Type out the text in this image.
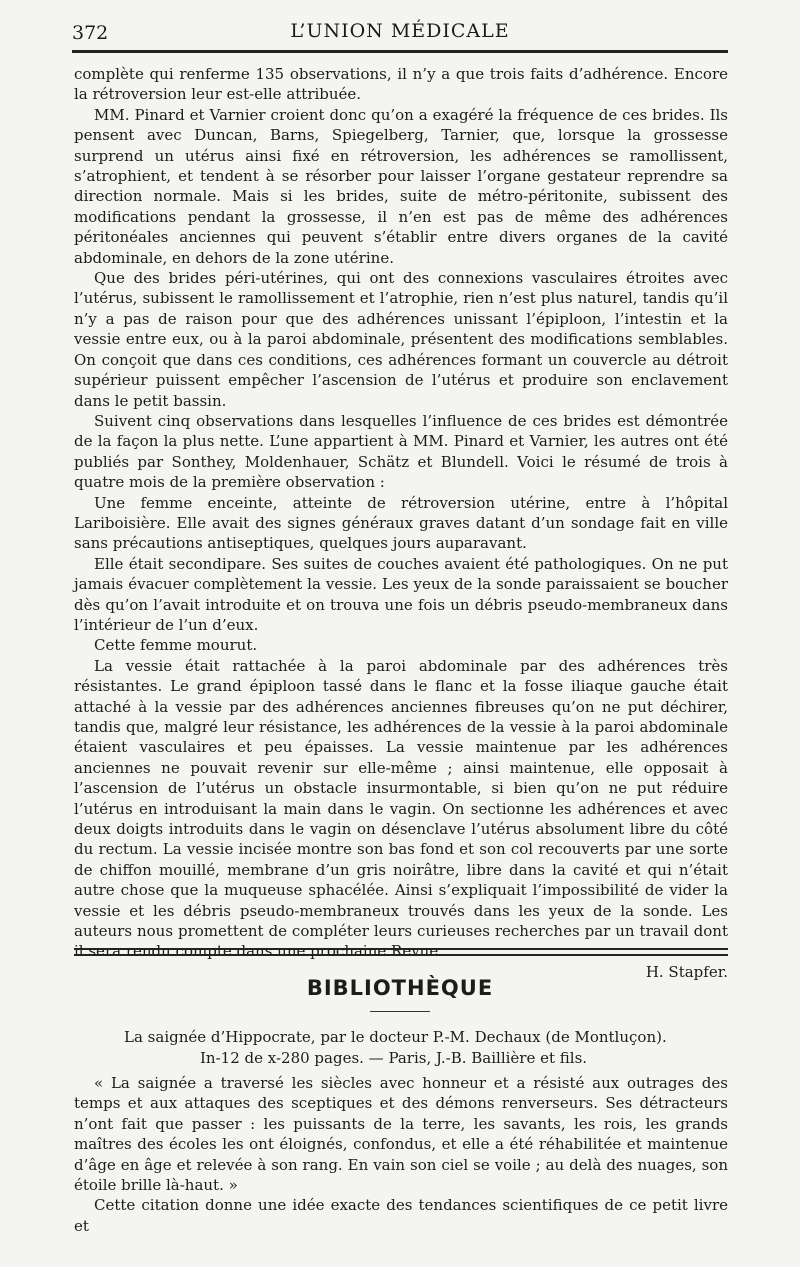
372	L’UNION MÉDICALE

complète qui renferme 135 observations, il n’y a que trois faits d’adhérence. Encore la rétroversion leur est-elle attribuée.

MM. Pinard et Varnier croient donc qu’on a exagéré la fréquence de ces brides. Ils pensent avec Duncan, Barns, Spiegelberg, Tarnier, que, lorsque la grossesse surprend un utérus ainsi fixé en rétroversion, les adhérences se ramollissent, s’atrophient, et tendent à se résorber pour laisser l’organe gestateur reprendre sa direction normale. Mais si les brides, suite de métro-péritonite, subissent des modifications pendant la grossesse, il n’en est pas de même des adhérences péritonéales anciennes qui peuvent s’établir entre divers organes de la cavité abdominale, en dehors de la zone utérine.

Que des brides péri-utérines, qui ont des connexions vasculaires étroites avec l’utérus, subissent le ramollissement et l’atrophie, rien n’est plus naturel, tandis qu’il n’y a pas de raison pour que des adhérences unissant l’épiploon, l’intestin et la vessie entre eux, ou à la paroi abdominale, présentent des modifications semblables. On conçoit que dans ces conditions, ces adhérences formant un couvercle au détroit supérieur puissent empêcher l’ascension de l’utérus et produire son enclavement dans le petit bassin.

Suivent cinq observations dans lesquelles l’influence de ces brides est démontrée de la façon la plus nette. L’une appartient à MM. Pinard et Varnier, les autres ont été publiés par Sonthey, Moldenhauer, Schätz et Blundell. Voici le résumé de trois à quatre mois de la première observation :

Une femme enceinte, atteinte de rétroversion utérine, entre à l’hôpital Lariboisière. Elle avait des signes généraux graves datant d’un sondage fait en ville sans précautions antiseptiques, quelques jours auparavant.

Elle était secondipare. Ses suites de couches avaient été pathologiques. On ne put jamais évacuer complètement la vessie. Les yeux de la sonde paraissaient se boucher dès qu’on l’avait introduite et on trouva une fois un débris pseudo-membraneux dans l’intérieur de l’un d’eux.

Cette femme mourut.

La vessie était rattachée à la paroi abdominale par des adhérences très résistantes. Le grand épiploon tassé dans le flanc et la fosse iliaque gauche était attaché à la vessie par des adhérences anciennes fibreuses qu’on ne put déchirer, tandis que, malgré leur résistance, les adhérences de la vessie à la paroi abdominale étaient vasculaires et peu épaisses. La vessie maintenue par les adhérences anciennes ne pouvait revenir sur elle-même ; ainsi maintenue, elle opposait à l’ascension de l’utérus un obstacle insurmontable, si bien qu’on ne put réduire l’utérus en introduisant la main dans le vagin. On sectionne les adhérences et avec deux doigts introduits dans le vagin on désenclave l’utérus absolument libre du côté du rectum. La vessie incisée montre son bas fond et son col recouverts par une sorte de chiffon mouillé, membrane d’un gris noirâtre, libre dans la cavité et qui n’était autre chose que la muqueuse sphacélée. Ainsi s’expliquait l’impossibilité de vider la vessie et les débris pseudo-membraneux trouvés dans les yeux de la sonde. Les auteurs nous promettent de compléter leurs curieuses recherches par un travail dont il sera rendu compte dans une prochaine Revue.

H. Stapfer.

BIBLIOTHÈQUE
La saignée d’Hippocrate, par le docteur P.-M. Dechaux (de Montluçon).
In-12 de x-280 pages. — Paris, J.-B. Baillière et fils.

« La saignée a traversé les siècles avec honneur et a résisté aux outrages des temps et aux attaques des sceptiques et des démons renverseurs. Ses détracteurs n’ont fait que passer : les puissants de la terre, les savants, les rois, les grands maîtres des écoles les ont éloignés, confondus, et elle a été réhabilitée et maintenue d’âge en âge et relevée à son rang. En vain son ciel se voile ; au delà des nuages, son étoile brille là-haut. »

Cette citation donne une idée exacte des tendances scientifiques de ce petit livre et
